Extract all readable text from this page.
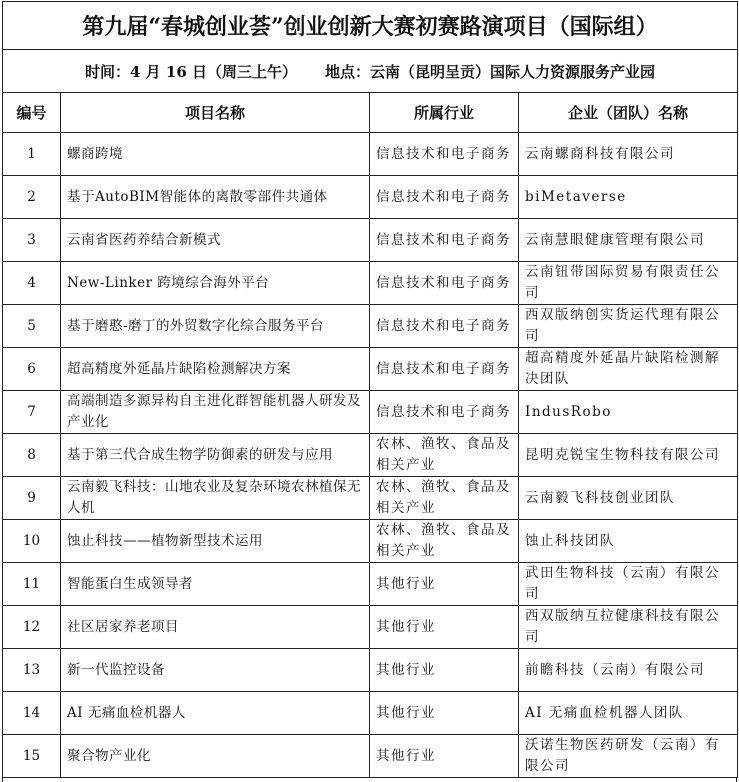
第九届“春城创业荟”创业创新大赛初赛路演项目（国际组）			
时间：4 月 16 日（周三上午） 地点：云南（昆明呈贡）国际人力资源服务产业园			
编号	项目名称	所属行业	企业（团队）名称
1	螺商跨境	信息技术和电子商务	云南螺商科技有限公司
2	基于AutoBIM智能体的离散零部件共通体	信息技术和电子商务	biMetaverse
3	云南省医药养结合新模式	信息技术和电子商务	云南慧眼健康管理有限公司
4	New-Linker 跨境综合海外平台	信息技术和电子商务	云南钮带国际贸易有限责任公司
5	基于磨憨-磨丁的外贸数字化综合服务平台	信息技术和电子商务	西双版纳创实货运代理有限公司
6	超高精度外延晶片缺陷检测解决方案	信息技术和电子商务	超高精度外延晶片缺陷检测解决团队
7	高端制造多源异构自主进化群智能机器人研发及产业化	信息技术和电子商务	IndusRobo
8	基于第三代合成生物学防御素的研发与应用	农林、渔牧、食品及相关产业	昆明克锐宝生物科技有限公司
9	云南毅飞科技：山地农业及复杂环境农林植保无人机	农林、渔牧、食品及相关产业	云南毅飞科技创业团队
10	蚀止科技——植物新型技术运用	农林、渔牧、食品及相关产业	蚀止科技团队
11	智能蛋白生成领导者	其他行业	武田生物科技（云南）有限公司
12	社区居家养老项目	其他行业	西双版纳互拉健康科技有限公司
13	新一代监控设备	其他行业	前瞻科技（云南）有限公司
14	AI 无痛血检机器人	其他行业	AI 无痛血检机器人团队
15	聚合物产业化	其他行业	沃诺生物医药研发（云南）有限公司
